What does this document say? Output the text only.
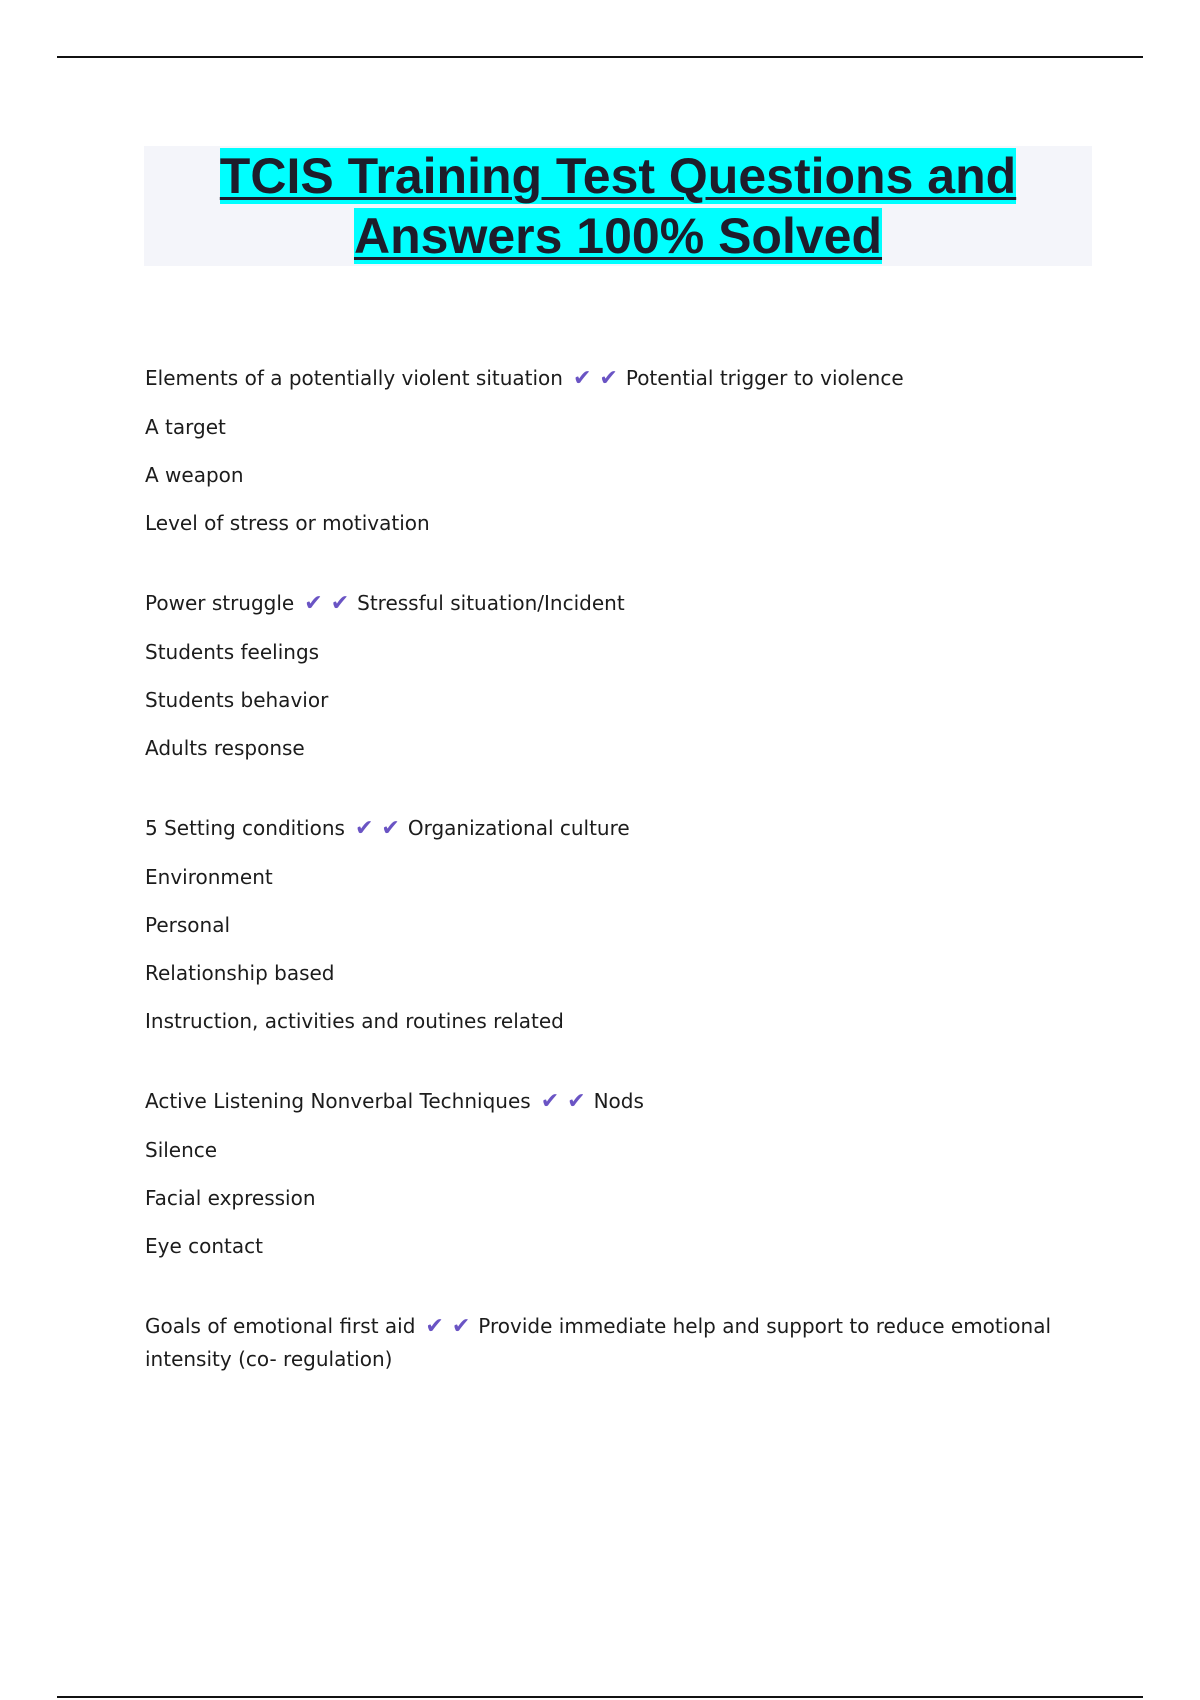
TCIS Training Test Questions and
Answers 100% Solved
Elements of a potentially violent situation ✔ ✔ Potential trigger to violence
A target
A weapon
Level of stress or motivation
Power struggle ✔ ✔ Stressful situation/Incident
Students feelings
Students behavior
Adults response
5 Setting conditions ✔ ✔ Organizational culture
Environment
Personal
Relationship based
Instruction, activities and routines related
Active Listening Nonverbal Techniques ✔ ✔ Nods
Silence
Facial expression
Eye contact
Goals of emotional first aid ✔ ✔ Provide immediate help and support to reduce emotional intensity (co- regulation)
